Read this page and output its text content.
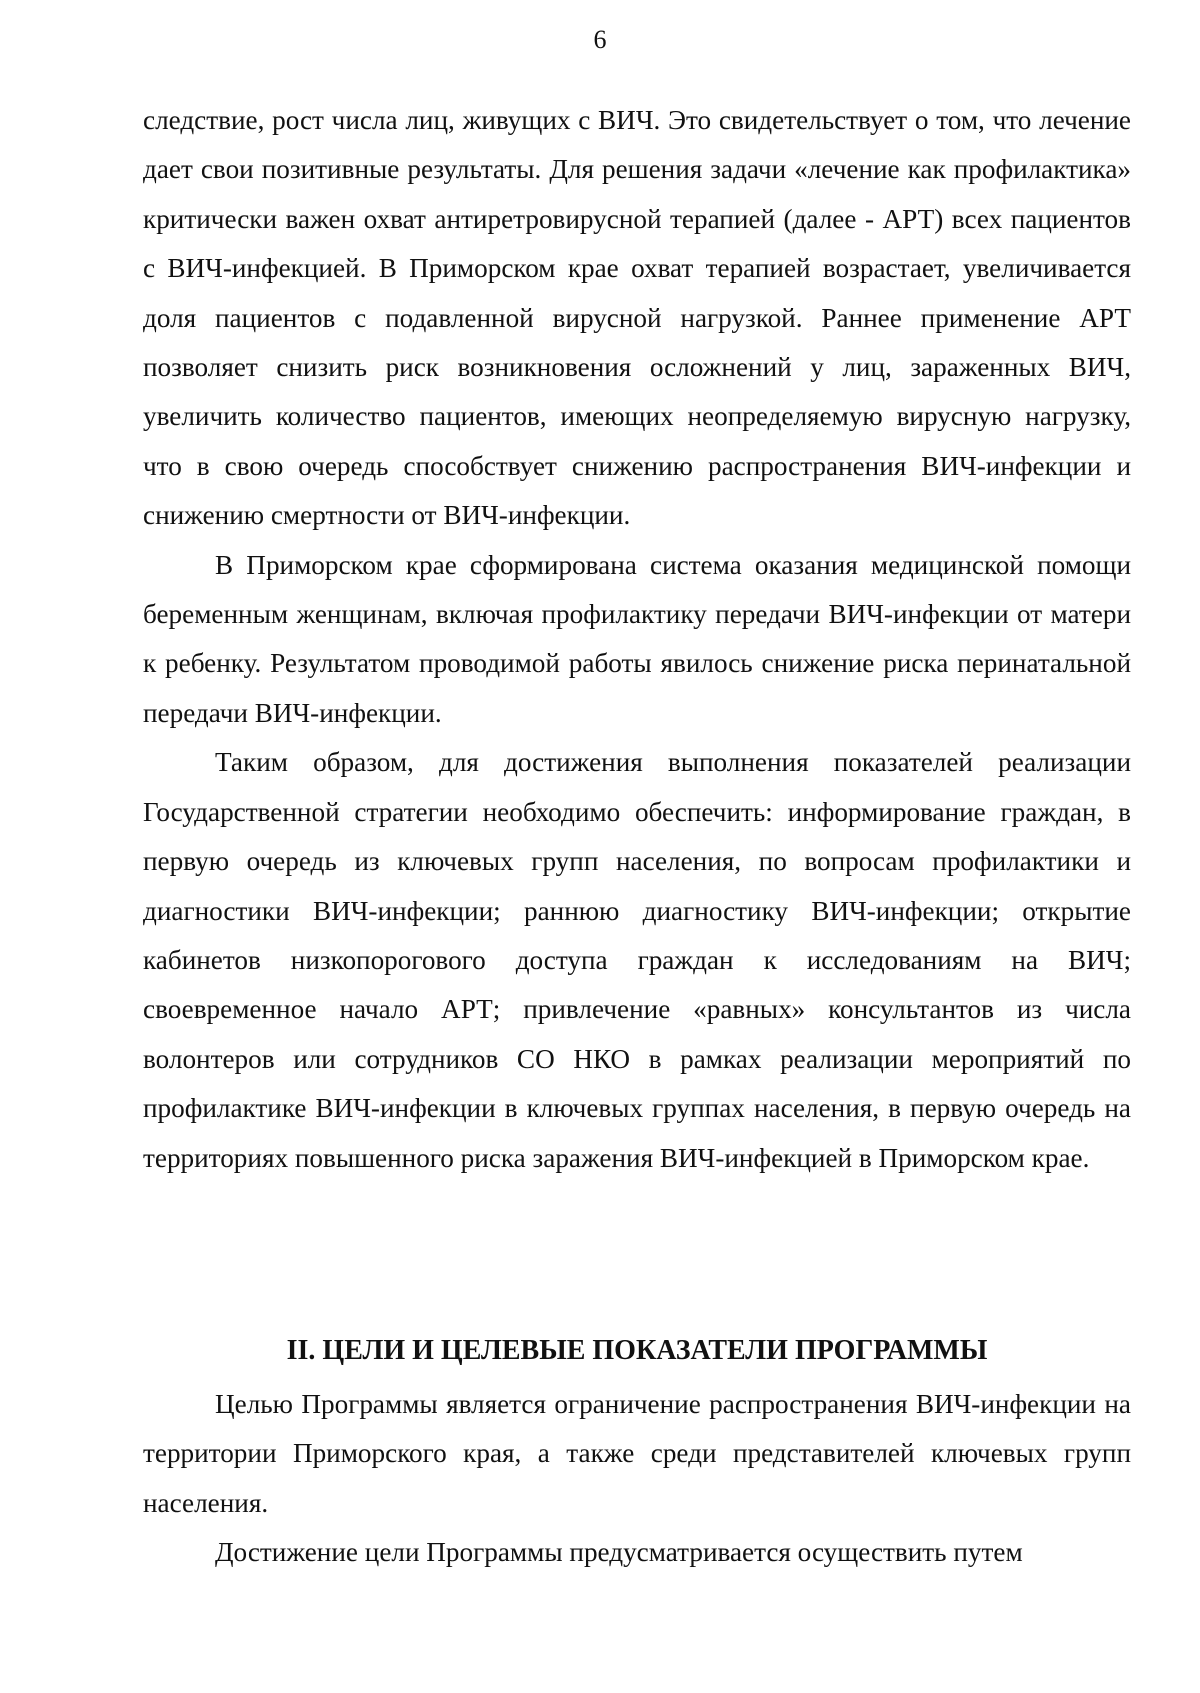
6

следствие, рост числа лиц, живущих с ВИЧ. Это свидетельствует о том, что лечение дает свои позитивные результаты. Для решения задачи «лечение как профилактика» критически важен охват антиретровирусной терапией (далее - АРТ) всех пациентов с ВИЧ-инфекцией. В Приморском крае охват терапией возрастает, увеличивается доля пациентов с подавленной вирусной нагрузкой. Раннее применение АРТ позволяет снизить риск возникновения осложнений у лиц, зараженных ВИЧ, увеличить количество пациентов, имеющих неопределяемую вирусную нагрузку, что в свою очередь способствует снижению распространения ВИЧ-инфекции и снижению смертности от ВИЧ-инфекции.

В Приморском крае сформирована система оказания медицинской помощи беременным женщинам, включая профилактику передачи ВИЧ-инфекции от матери к ребенку. Результатом проводимой работы явилось снижение риска перинатальной передачи ВИЧ-инфекции.

Таким образом, для достижения выполнения показателей реализации Государственной стратегии необходимо обеспечить: информирование граждан, в первую очередь из ключевых групп населения, по вопросам профилактики и диагностики ВИЧ-инфекции; раннюю диагностику ВИЧ-инфекции; открытие кабинетов низкопорогового доступа граждан к исследованиям на ВИЧ; своевременное начало АРТ; привлечение «равных» консультантов из числа волонтеров или сотрудников СО НКО в рамках реализации мероприятий по профилактике ВИЧ-инфекции в ключевых группах населения, в первую очередь на территориях повышенного риска заражения ВИЧ-инфекцией в Приморском крае.

II. ЦЕЛИ И ЦЕЛЕВЫЕ ПОКАЗАТЕЛИ ПРОГРАММЫ

Целью Программы является ограничение распространения ВИЧ-инфекции на территории Приморского края, а также среди представителей ключевых групп населения.

Достижение цели Программы предусматривается осуществить путем
